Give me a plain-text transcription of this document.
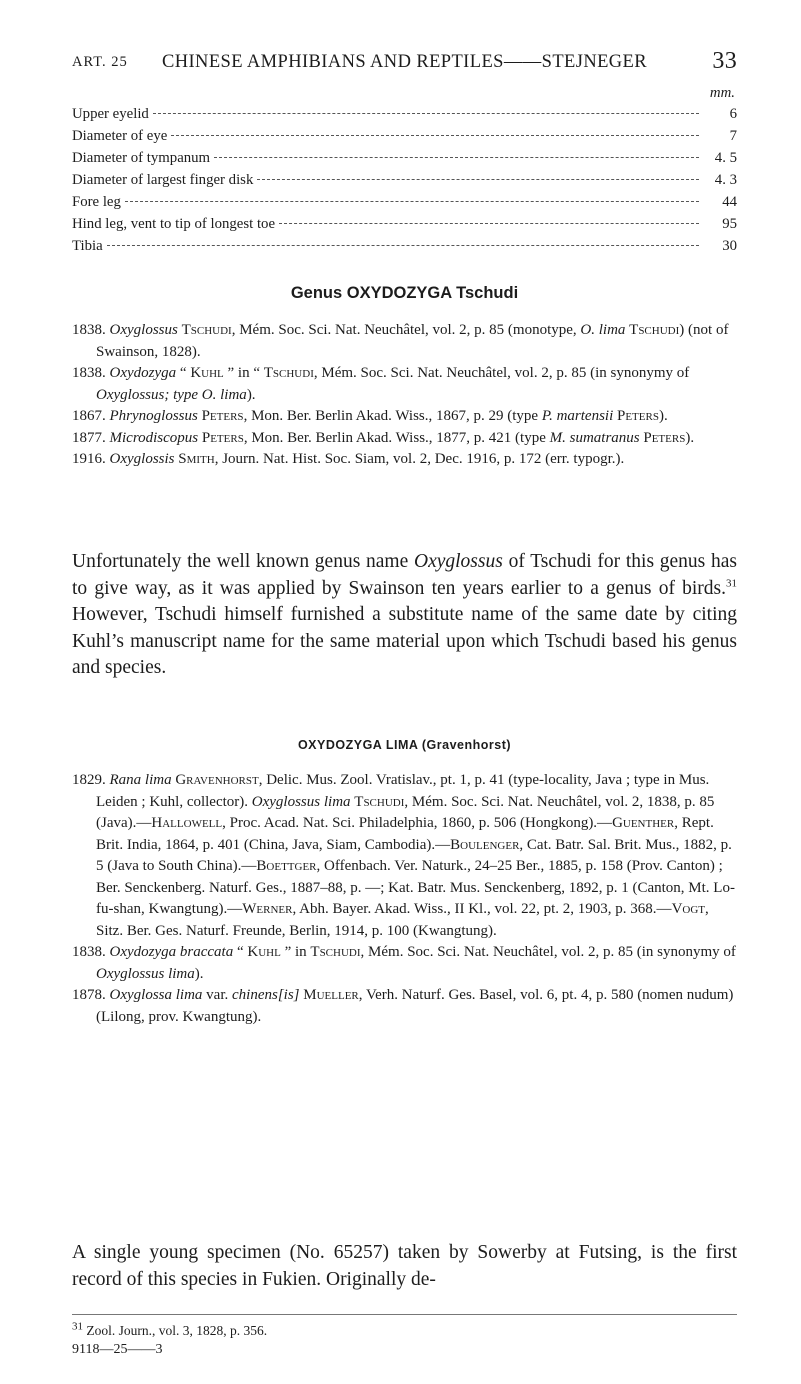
ART. 25	CHINESE AMPHIBIANS AND REPTILES——STEJNEGER	33
mm.
Upper eyelid	6
Diameter of eye	7
Diameter of tympanum	4. 5
Diameter of largest finger disk	4. 3
Fore leg	44
Hind leg, vent to tip of longest toe	95
Tibia	30
Genus OXYDOZYGA Tschudi

1838. Oxyglossus Tschudi, Mém. Soc. Sci. Nat. Neuchâtel, vol. 2, p. 85 (monotype, O. lima Tschudi) (not of Swainson, 1828).

1838. Oxydozyga “ Kuhl ” in “ Tschudi, Mém. Soc. Sci. Nat. Neuchâtel, vol. 2, p. 85 (in synonymy of Oxyglossus; type O. lima).

1867. Phrynoglossus Peters, Mon. Ber. Berlin Akad. Wiss., 1867, p. 29 (type P. martensii Peters).

1877. Microdiscopus Peters, Mon. Ber. Berlin Akad. Wiss., 1877, p. 421 (type M. sumatranus Peters).

1916. Oxyglossis Smith, Journ. Nat. Hist. Soc. Siam, vol. 2, Dec. 1916, p. 172 (err. typogr.).

Unfortunately the well known genus name Oxyglossus of Tschudi for this genus has to give way, as it was applied by Swainson ten years earlier to a genus of birds.$^{31}$ However, Tschudi himself furnished a substitute name of the same date by citing Kuhl’s manuscript name for the same material upon which Tschudi based his genus and species.
OXYDOZYGA LIMA (Gravenhorst)

1829. Rana lima Gravenhorst, Delic. Mus. Zool. Vratislav., pt. 1, p. 41 (type-locality, Java ; type in Mus. Leiden ; Kuhl, collector). Oxyglossus lima Tschudi, Mém. Soc. Sci. Nat. Neuchâtel, vol. 2, 1838, p. 85 (Java).—Hallowell, Proc. Acad. Nat. Sci. Philadelphia, 1860, p. 506 (Hongkong).—Guenther, Rept. Brit. India, 1864, p. 401 (China, Java, Siam, Cambodia).—Boulenger, Cat. Batr. Sal. Brit. Mus., 1882, p. 5 (Java to South China).—Boettger, Offenbach. Ver. Naturk., 24–25 Ber., 1885, p. 158 (Prov. Canton) ; Ber. Senckenberg. Naturf. Ges., 1887–88, p. —; Kat. Batr. Mus. Senckenberg, 1892, p. 1 (Canton, Mt. Lo-fu-shan, Kwangtung).—Werner, Abh. Bayer. Akad. Wiss., II Kl., vol. 22, pt. 2, 1903, p. 368.—Vogt, Sitz. Ber. Ges. Naturf. Freunde, Berlin, 1914, p. 100 (Kwangtung).

1838. Oxydozyga braccata “ Kuhl ” in Tschudi, Mém. Soc. Sci. Nat. Neuchâtel, vol. 2, p. 85 (in synonymy of Oxyglossus lima).

1878. Oxyglossa lima var. chinens[is] Mueller, Verh. Naturf. Ges. Basel, vol. 6, pt. 4, p. 580 (nomen nudum) (Lilong, prov. Kwangtung).

A single young specimen (No. 65257) taken by Sowerby at Futsing, is the first record of this species in Fukien. Originally de-
$^{31}$ Zool. Journ., vol. 3, 1828, p. 356.
9118—25——3
